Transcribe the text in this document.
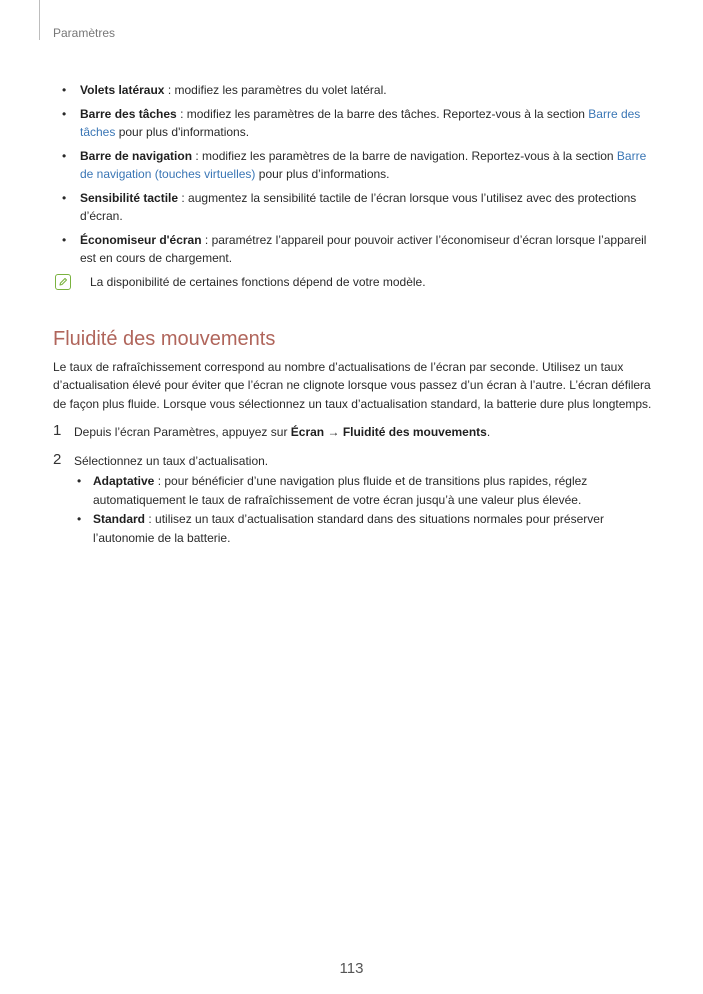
Paramètres
• Volets latéraux : modifiez les paramètres du volet latéral.
• Barre des tâches : modifiez les paramètres de la barre des tâches. Reportez-vous à la section Barre des tâches pour plus d'informations.
• Barre de navigation : modifiez les paramètres de la barre de navigation. Reportez-vous à la section Barre de navigation (touches virtuelles) pour plus d’informations.
• Sensibilité tactile : augmentez la sensibilité tactile de l’écran lorsque vous l’utilisez avec des protections d’écran.
• Économiseur d'écran : paramétrez l’appareil pour pouvoir activer l’économiseur d’écran lorsque l’appareil est en cours de chargement.
La disponibilité de certaines fonctions dépend de votre modèle.
Fluidité des mouvements

Le taux de rafraîchissement correspond au nombre d’actualisations de l’écran par seconde. Utilisez un taux d’actualisation élevé pour éviter que l’écran ne clignote lorsque vous passez d’un écran à l’autre. L’écran défilera de façon plus fluide. Lorsque vous sélectionnez un taux d’actualisation standard, la batterie dure plus longtemps.

1 Depuis l’écran Paramètres, appuyez sur Écran → Fluidité des mouvements.
2 Sélectionnez un taux d’actualisation.
• Adaptative : pour bénéficier d’une navigation plus fluide et de transitions plus rapides, réglez automatiquement le taux de rafraîchissement de votre écran jusqu’à une valeur plus élevée.
• Standard : utilisez un taux d’actualisation standard dans des situations normales pour préserver l’autonomie de la batterie.
113
